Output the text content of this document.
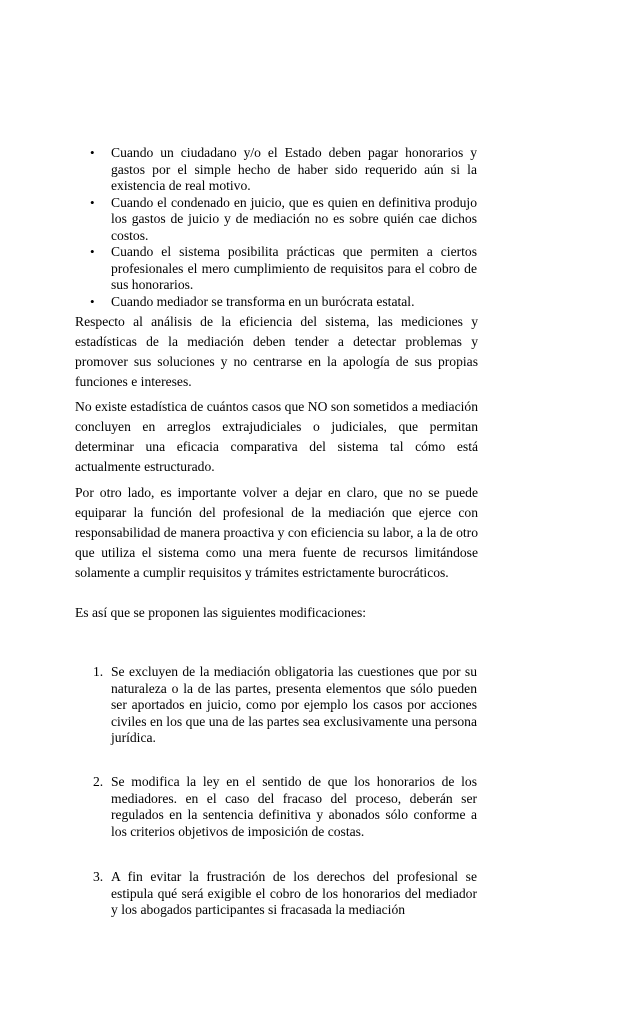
• Cuando un ciudadano y/o el Estado deben pagar honorarios y gastos por el simple hecho de haber sido requerido aún si la existencia de real motivo.
• Cuando el condenado en juicio, que es quien en definitiva produjo los gastos de juicio y de mediación no es sobre quién cae dichos costos.
• Cuando el sistema posibilita prácticas que permiten a ciertos profesionales el mero cumplimiento de requisitos para el cobro de sus honorarios.
• Cuando mediador se transforma en un burócrata estatal.

Respecto al análisis de la eficiencia del sistema, las mediciones y estadísticas de la mediación deben tender a detectar problemas y promover sus soluciones y no centrarse en la apología de sus propias funciones e intereses.

No existe estadística de cuántos casos que NO son sometidos a mediación concluyen en arreglos extrajudiciales o judiciales, que permitan determinar una eficacia comparativa del sistema tal cómo está actualmente estructurado.

Por otro lado, es importante volver a dejar en claro, que no se puede equiparar la función del profesional de la mediación que ejerce con responsabilidad de manera proactiva y con eficiencia su labor, a la de otro que utiliza el sistema como una mera fuente de recursos limitándose solamente a cumplir requisitos y trámites estrictamente burocráticos.

Es así que se proponen las siguientes modificaciones:

1. Se excluyen de la mediación obligatoria las cuestiones que por su naturaleza o la de las partes, presenta elementos que sólo pueden ser aportados en juicio, como por ejemplo los casos por acciones civiles en los que una de las partes sea exclusivamente una persona jurídica.
2. Se modifica la ley en el sentido de que los honorarios de los mediadores. en el caso del fracaso del proceso, deberán ser regulados en la sentencia definitiva y abonados sólo conforme a los criterios objetivos de imposición de costas.
3. A fin evitar la frustración de los derechos del profesional se estipula qué será exigible el cobro de los honorarios del mediador y los abogados participantes si fracasada la mediación
